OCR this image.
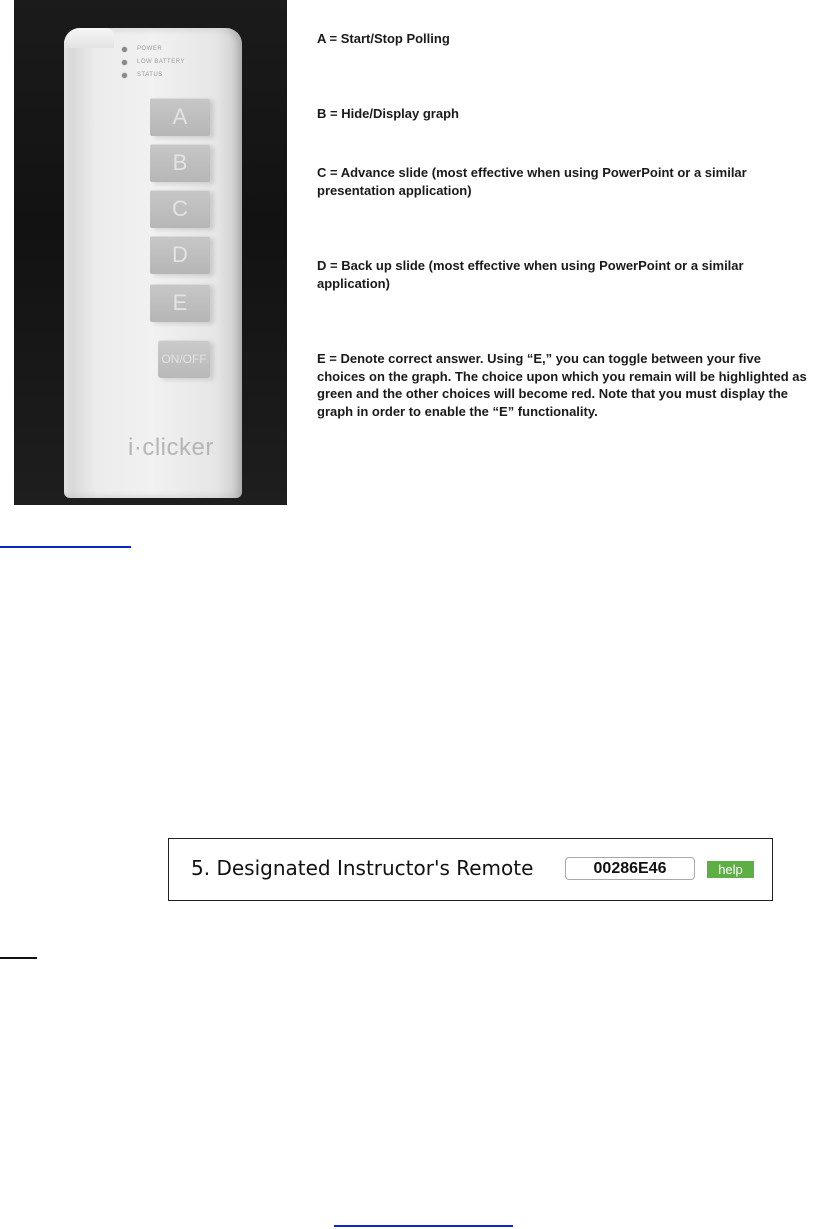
POWER
LOW BATTERY
STATUS
A
B
C
D
E
ON/OFF
i·clicker
A = Start/Stop Polling
B = Hide/Display graph
C = Advance slide (most effective when using PowerPoint or a similar presentation application)
D = Back up slide (most effective when using PowerPoint or a similar application)
E = Denote correct answer. Using “E,” you can toggle between your five choices on the graph. The choice upon which you remain will be highlighted as green and the other choices will become red. Note that you must display the graph in order to enable the “E” functionality.
5. Designated Instructor's Remote
00286E46	help
